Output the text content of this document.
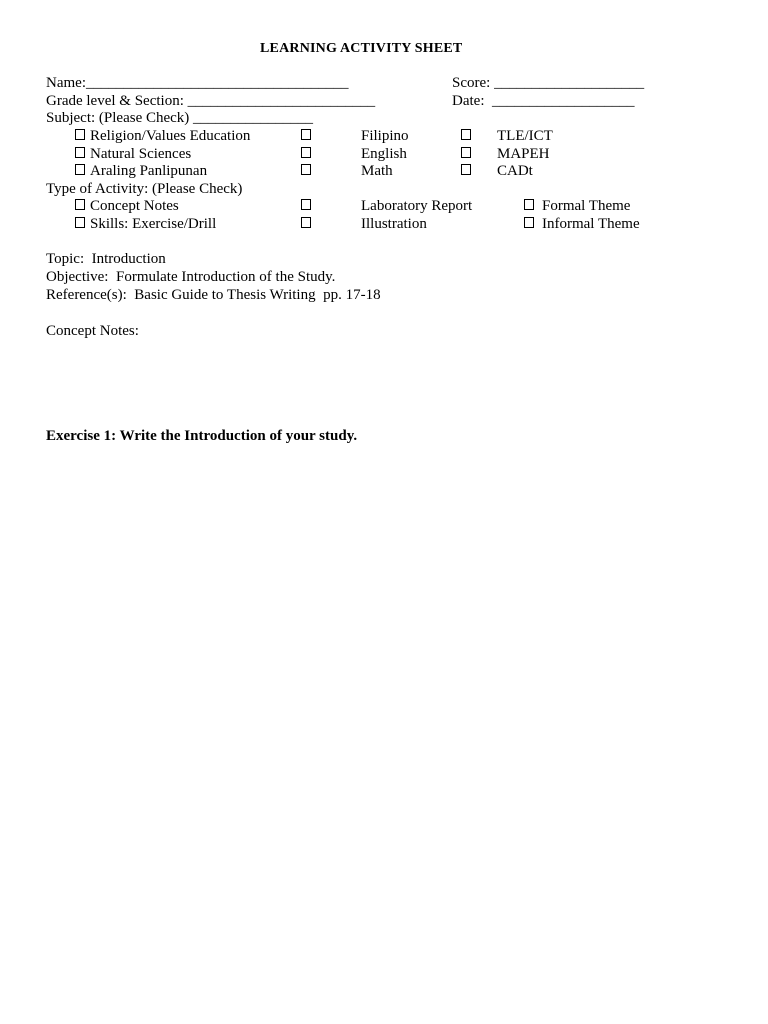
LEARNING ACTIVITY SHEET
Name:___________________________________	Score: ____________________
Grade level & Section: _________________________	Date:  ___________________
Subject: (Please Check) ________________
Religion/Values Education
Natural Sciences
Araling Panlipunan
Filipino
English
Math
TLE/ICT
MAPEH
CADt
Type of Activity: (Please Check)
Concept Notes
Skills: Exercise/Drill
Laboratory Report
Illustration
Formal Theme
Informal Theme
Topic:  Introduction
Objective:  Formulate Introduction of the Study.
Reference(s):  Basic Guide to Thesis Writing  pp. 17-18
Concept Notes:
Exercise 1: Write the Introduction of your study.
